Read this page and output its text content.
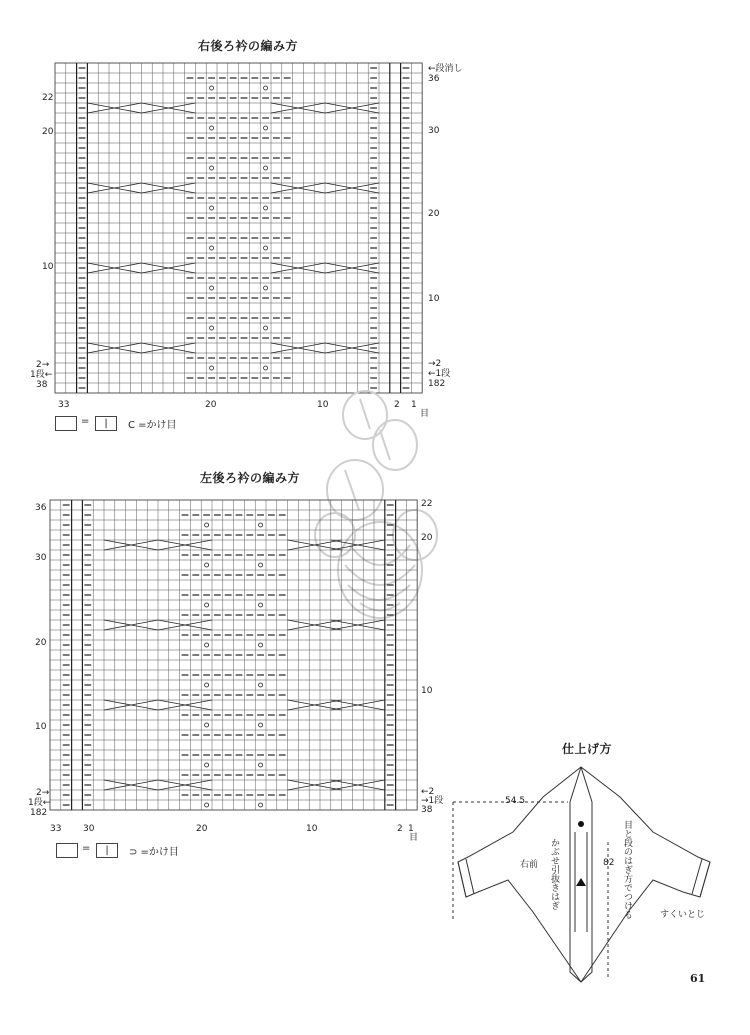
右後ろ衿の編み方
←段消し
36
30
20
10
→2
←1段
182
22
20
10
2→
1段←
38
33	20	10	2 1
目
=	|	C =かけ目
左後ろ衿の編み方
36
30
20
10
2→
1段←
182
22
20
10
←2
→1段
38
33 30	20	10	2 1
目
=	|	⊃ =かけ目
仕上げ方
54.5
82
右前 かぶせ引抜きはぎ	目と段のはぎ方でつける	すくいとじ
61
